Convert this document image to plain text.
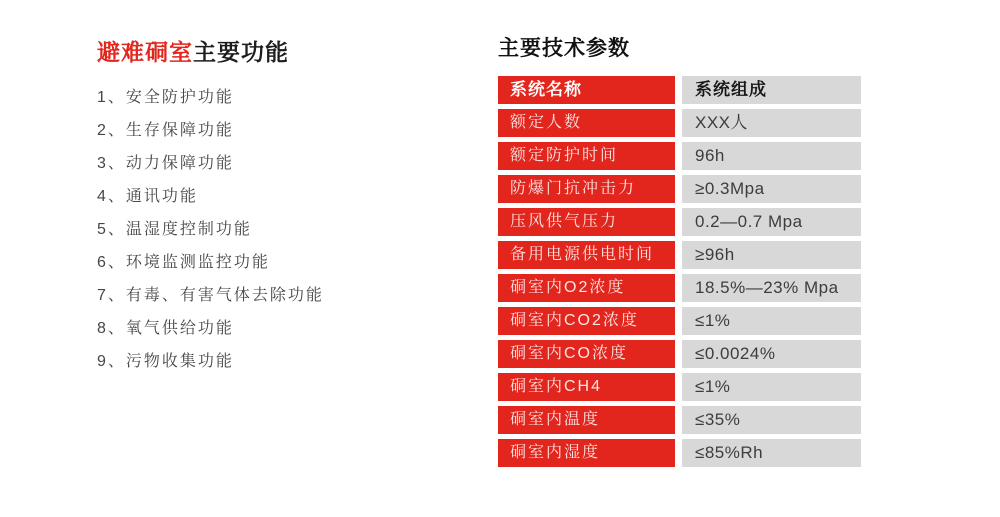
避难硐室主要功能
1、安全防护功能
2、生存保障功能
3、动力保障功能
4、通讯功能
5、温湿度控制功能
6、环境监测监控功能
7、有毒、有害气体去除功能
8、氧气供给功能
9、污物收集功能
主要技术参数
系统名称	系统组成
额定人数	XXX人
额定防护时间	96h
防爆门抗冲击力	≥0.3Mpa
压风供气压力	0.2—0.7 Mpa
备用电源供电时间	≥96h
硐室内O2浓度	18.5%—23% Mpa
硐室内CO2浓度	≤1%
硐室内CO浓度	≤0.0024%
硐室内CH4	≤1%
硐室内温度	≤35%
硐室内湿度	≤85%Rh
